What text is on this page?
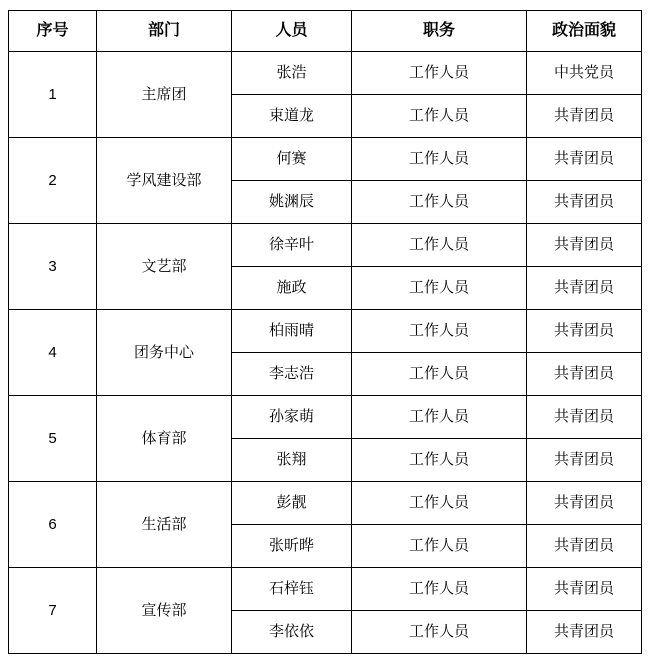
序号	部门	人员	职务	政治面貌
1	主席团	张浩	工作人员	中共党员
		束道龙	工作人员	共青团员
2	学风建设部	何赛	工作人员	共青团员
		姚渊辰	工作人员	共青团员
3	文艺部	徐辛叶	工作人员	共青团员
		施政	工作人员	共青团员
4	团务中心	柏雨晴	工作人员	共青团员
		李志浩	工作人员	共青团员
5	体育部	孙家萌	工作人员	共青团员
		张翔	工作人员	共青团员
6	生活部	彭靓	工作人员	共青团员
		张昕晔	工作人员	共青团员
7	宣传部	石梓钰	工作人员	共青团员
		李依依	工作人员	共青团员
